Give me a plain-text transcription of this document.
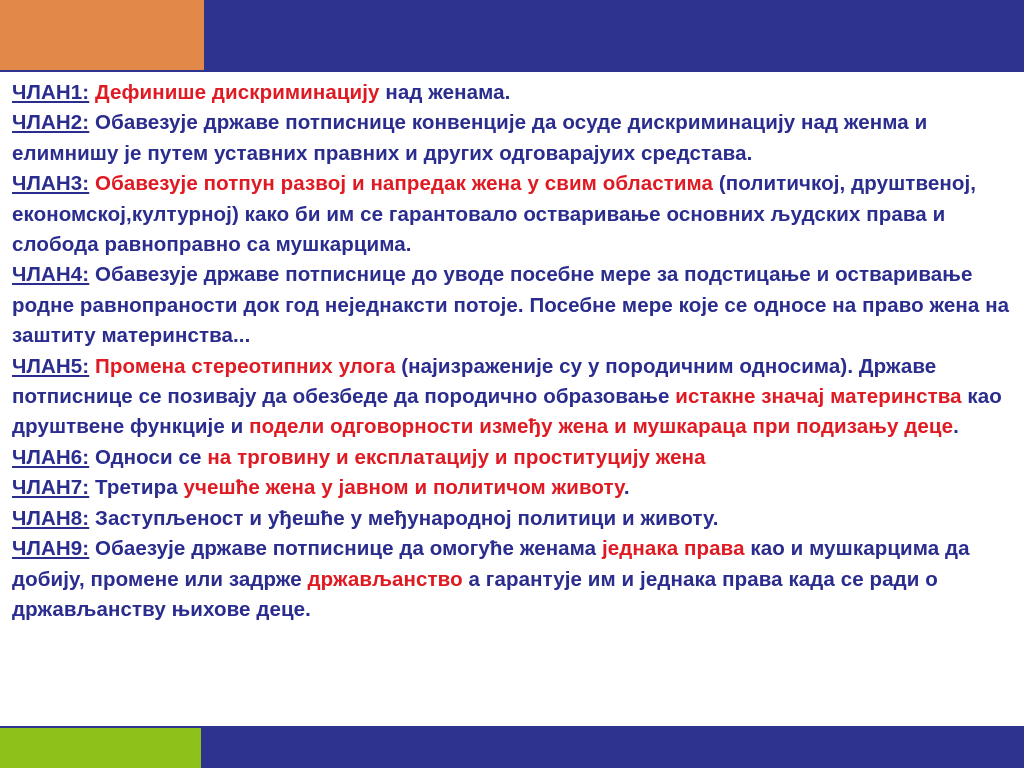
ЧЛАН1: Дефинише дискриминацију над женама.

ЧЛАН2: Обавезује државе потписнице конвенције да осуде дискриминацију над женма и елимнишу је путем уставних правних и других одговарајуих средстава.

ЧЛАН3: Обавезује потпун развој и напредак жена у свим областима (политичкој, друштвеној, економској,културној) како би им се гарантовало остваривање основних људских права и слобода равноправно са мушкарцима.

ЧЛАН4: Обавезује државе потписнице до уводе посебне мере за подстицање и остваривање родне равнопраности док год неједнаксти потоје. Посебне мере које се односе на право жена на заштиту материнства...

ЧЛАН5: Промена стереотипних улога (најизраженије су у породичним односима). Државе потписнице се позивају да обезбеде да породично образовање истакне значај материнства као друштвене функције и подели одговорности између жена и мушкараца при подизању деце.

ЧЛАН6: Односи се на трговину и експлатацију и проституцију жена

ЧЛАН7: Третира учешће жена у јавном и политичом животу.

ЧЛАН8: Заступљеност и уђешће у међународној политици и животу.

ЧЛАН9: Обаезује државе потписнице да омогуће женама једнака права као и мушкарцима да добију, промене или задрже држављанство а гарантује им и једнака права када се ради о држављанству њихове деце.
